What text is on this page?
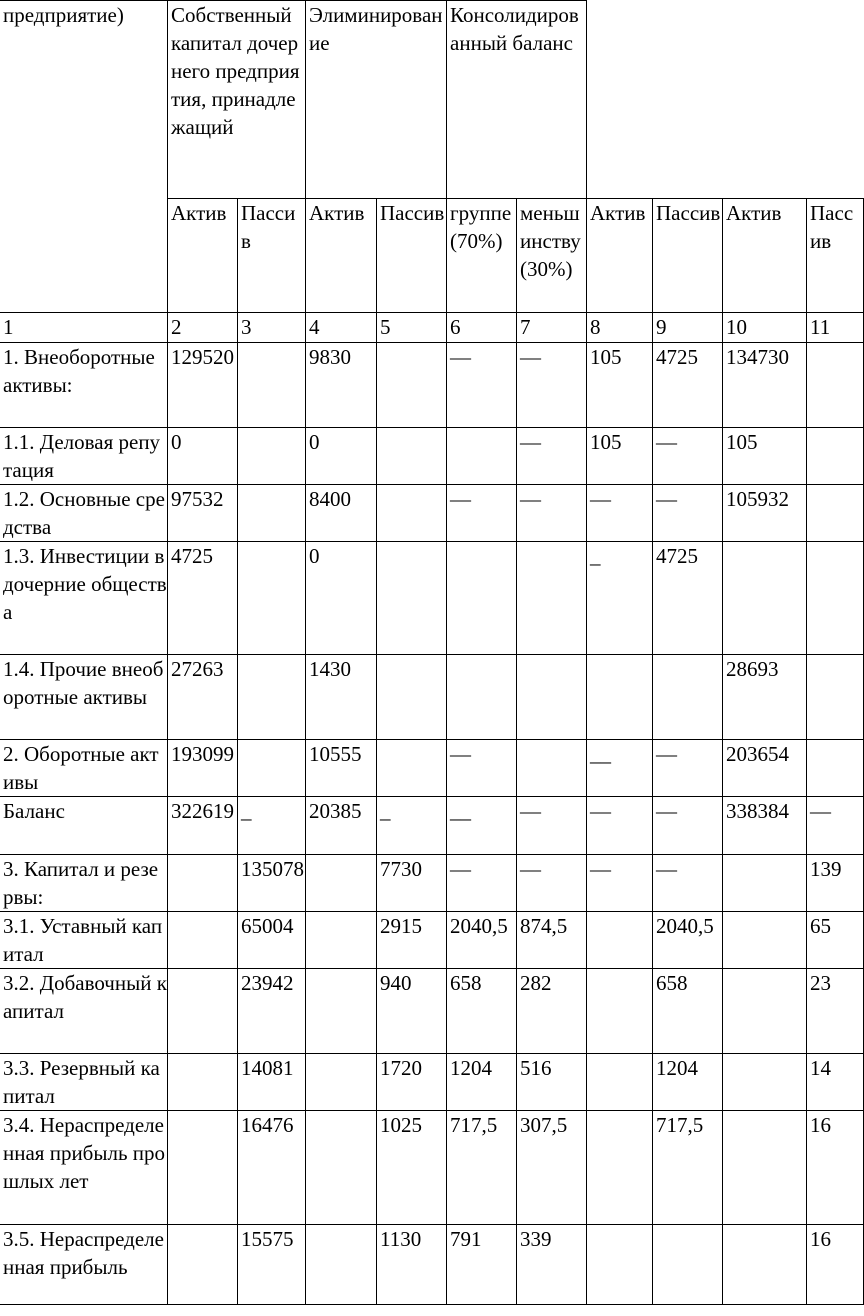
предприятие)	Собственный капитал дочернего предприятия, принадлежащий		Элиминирование		Консолидированный баланс					
	Актив	Пассив	Актив	Пассив	группе (70%)	меньшинству (30%)	Актив	Пассив	Актив	Пассив
1	2	3	4	5	6	7	8	9	10	11
1. Внеоборотные активы:	129520		9830		—	—	105	4725	134730	
1.1. Деловая репутация	0		0			—	105	—	105	
1.2. Основные средства	97532		8400		—	—	—	—	105932	
1.3. Инвестиции в дочерние общества	4725		0				_	4725		
1.4. Прочие внеоборотные активы	27263		1430						28693	
2. Оборотные активы	193099		10555		—		__	—	203654	
Баланс	322619	_	20385	_	__	—	—	—	338384	—
3. Капитал и резервы:		135078		7730	—	—	—	—		139
3.1. Уставный капитал		65004		2915	2040,5	874,5		2040,5		65
3.2. Добавочный капитал		23942		940	658	282		658		23
3.3. Резервный капитал		14081		1720	1204	516		1204		14
3.4. Нераспределенная прибыль прошлых лет		16476		1025	717,5	307,5		717,5		16
3.5. Нераспределенная прибыль		15575		1130	791	339				16
